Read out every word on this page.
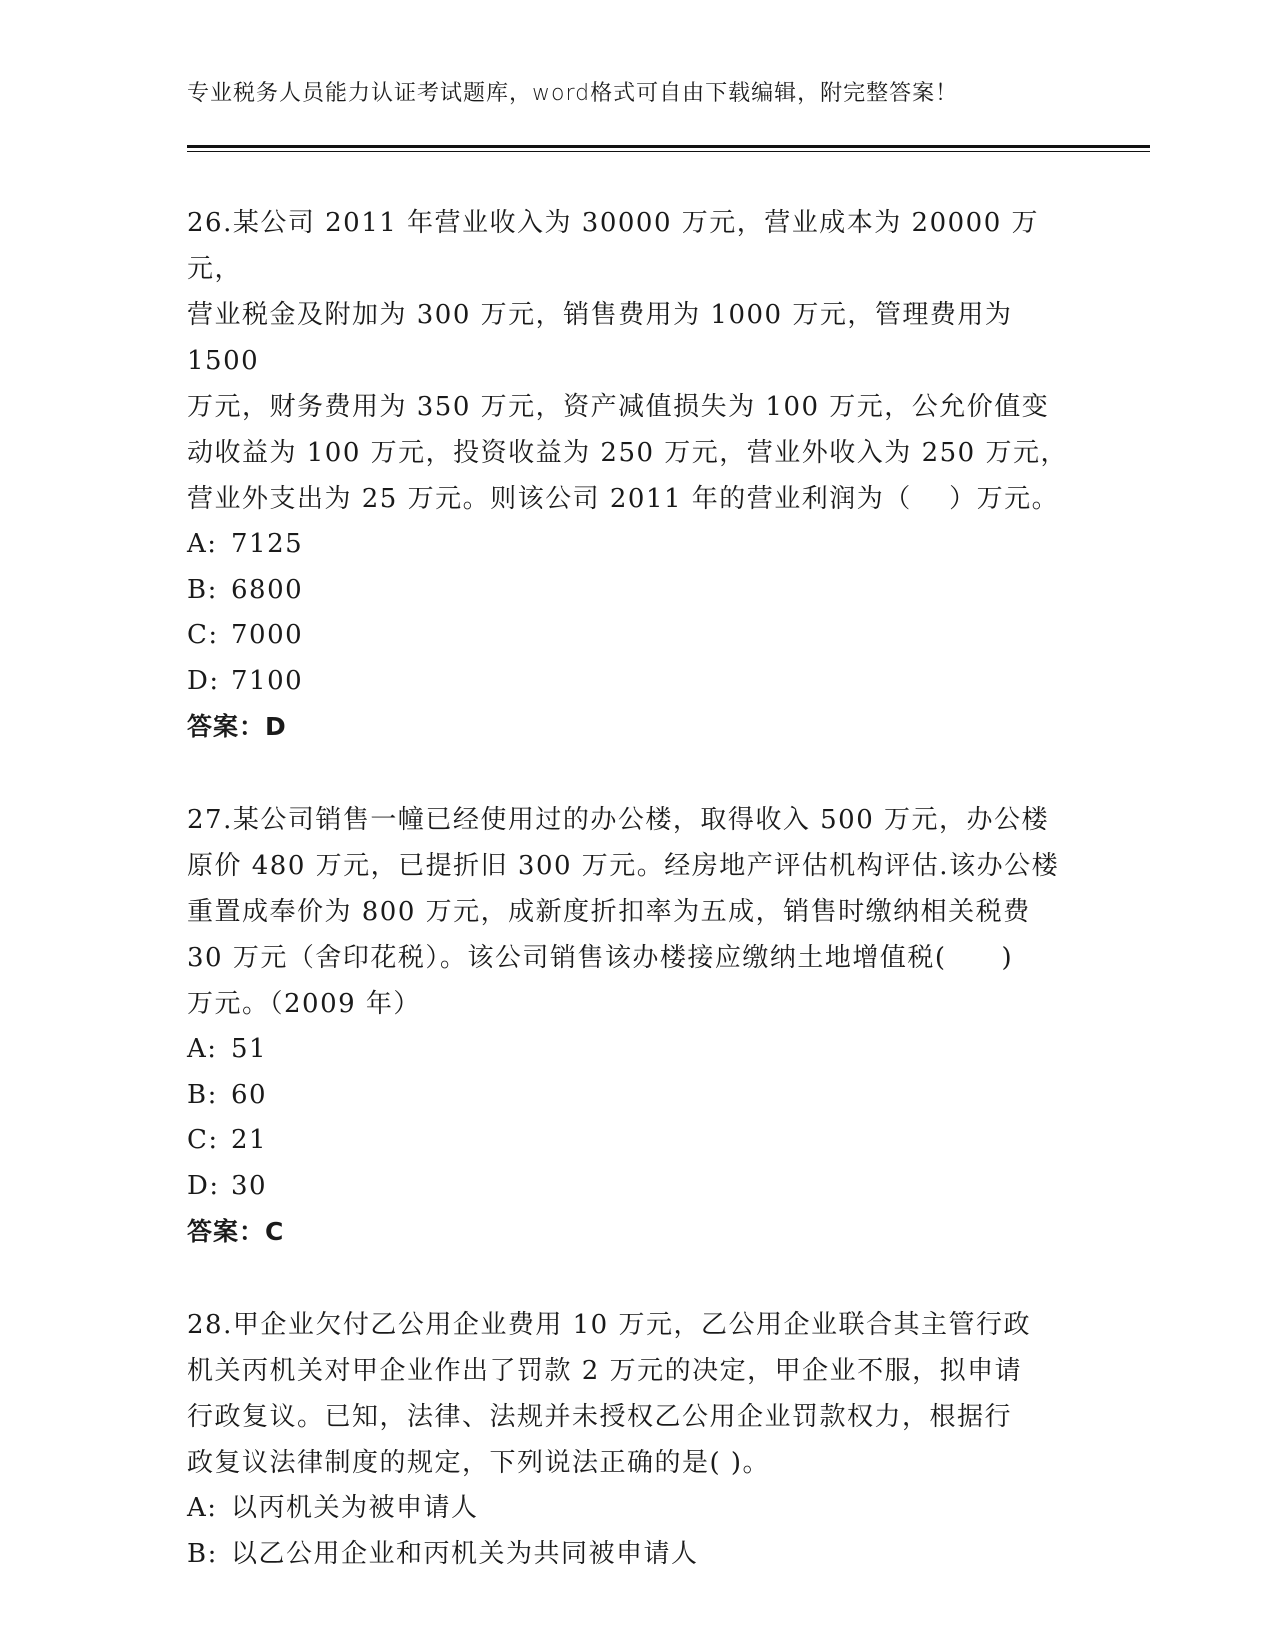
专业税务人员能力认证考试题库，word格式可自由下载编辑，附完整答案！
26.某公司 2011 年营业收入为 30000 万元，营业成本为 20000 万元，
营业税金及附加为 300 万元，销售费用为 1000 万元，管理费用为 1500
万元，财务费用为 350 万元，资产减值损失为 100 万元，公允价值变
动收益为 100 万元，投资收益为 250 万元，营业外收入为 250 万元，
营业外支出为 25 万元。则该公司 2011 年的营业利润为（　 ）万元。
A: 7125
B: 6800
C: 7000
D: 7100
答案：D
27.某公司销售一幢已经使用过的办公楼，取得收入 500 万元，办公楼
原价 480 万元，已提折旧 300 万元。经房地产评估机构评估.该办公楼
重置成奉价为 800 万元，成新度折扣率为五成，销售时缴纳相关税费
30 万元（舍印花税）。该公司销售该办楼接应缴纳土地增值税(　　)
万元。（2009 年）
A: 51
B: 60
C: 21
D: 30
答案：C
28.甲企业欠付乙公用企业费用 10 万元，乙公用企业联合其主管行政
机关丙机关对甲企业作出了罚款 2 万元的决定，甲企业不服，拟申请
行政复议。已知，法律、法规并未授权乙公用企业罚款权力，根据行
政复议法律制度的规定，下列说法正确的是( )。
A: 以丙机关为被申请人
B: 以乙公用企业和丙机关为共同被申请人
